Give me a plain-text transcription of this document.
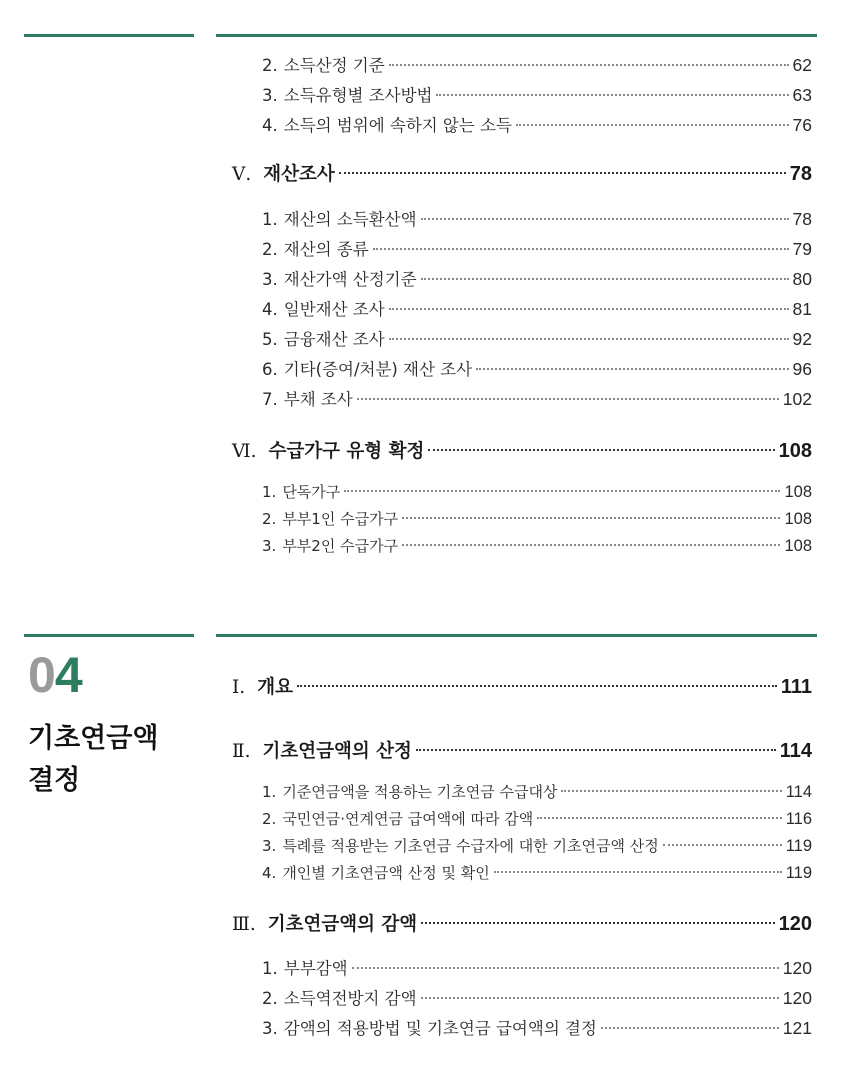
2. 소득산정 기준	62
3. 소득유형별 조사방법	63
4. 소득의 범위에 속하지 않는 소득	76
Ⅴ. 재산조사	78
1. 재산의 소득환산액	78
2. 재산의 종류	79
3. 재산가액 산정기준	80
4. 일반재산 조사	81
5. 금융재산 조사	92
6. 기타(증여/처분) 재산 조사	96
7. 부채 조사	102
Ⅵ. 수급가구 유형 확정	108
1. 단독가구	108
2. 부부1인 수급가구	108
3. 부부2인 수급가구	108
04
기초연금액
결정
Ⅰ. 개요	111
Ⅱ. 기초연금액의 산정	114
1. 기준연금액을 적용하는 기초연금 수급대상	114
2. 국민연금·연계연금 급여액에 따라 감액	116
3. 특례를 적용받는 기초연금 수급자에 대한 기초연금액 산정	119
4. 개인별 기초연금액 산정 및 확인	119
Ⅲ. 기초연금액의 감액	120
1. 부부감액	120
2. 소득역전방지 감액	120
3. 감액의 적용방법 및 기초연금 급여액의 결정	121
